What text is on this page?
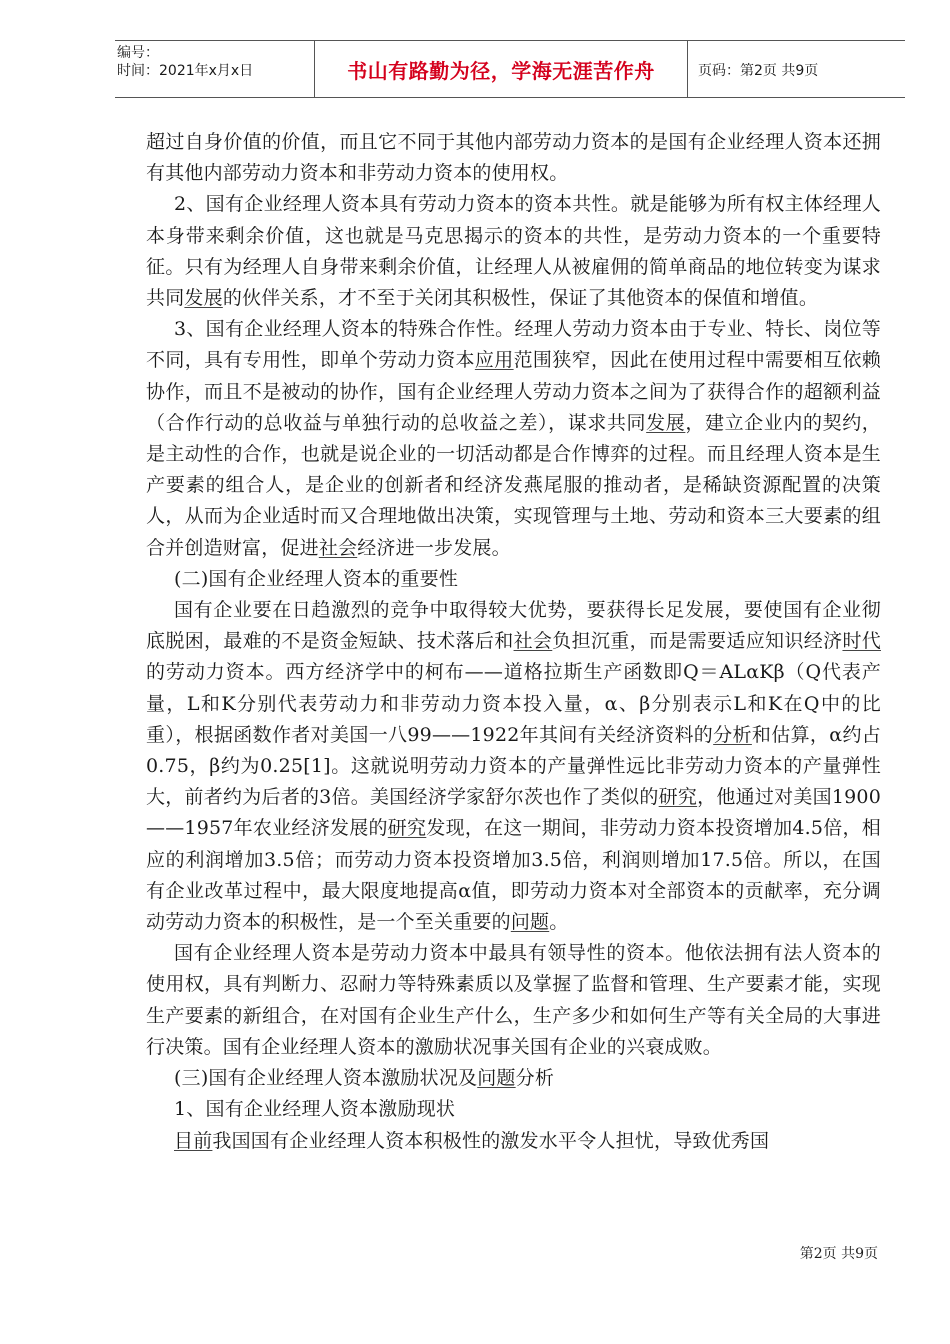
编号：
时间：2021年x月x日	书山有路勤为径，学海无涯苦作舟	页码：第2页 共9页

超过自身价值的价值，而且它不同于其他内部劳动力资本的是国有企业经理人资本还拥有其他内部劳动力资本和非劳动力资本的使用权。

2、国有企业经理人资本具有劳动力资本的资本共性。就是能够为所有权主体经理人本身带来剩余价值，这也就是马克思揭示的资本的共性，是劳动力资本的一个重要特征。只有为经理人自身带来剩余价值，让经理人从被雇佣的简单商品的地位转变为谋求共同发展的伙伴关系，才不至于关闭其积极性，保证了其他资本的保值和增值。

3、国有企业经理人资本的特殊合作性。经理人劳动力资本由于专业、特长、岗位等不同，具有专用性，即单个劳动力资本应用范围狭窄，因此在使用过程中需要相互依赖协作，而且不是被动的协作，国有企业经理人劳动力资本之间为了获得合作的超额利益（合作行动的总收益与单独行动的总收益之差），谋求共同发展，建立企业内的契约，是主动性的合作，也就是说企业的一切活动都是合作博弈的过程。而且经理人资本是生产要素的组合人，是企业的创新者和经济发燕尾服的推动者，是稀缺资源配置的决策人，从而为企业适时而又合理地做出决策，实现管理与土地、劳动和资本三大要素的组合并创造财富，促进社会经济进一步发展。

(二)国有企业经理人资本的重要性

国有企业要在日趋激烈的竞争中取得较大优势，要获得长足发展，要使国有企业彻底脱困，最难的不是资金短缺、技术落后和社会负担沉重，而是需要适应知识经济时代的劳动力资本。西方经济学中的柯布——道格拉斯生产函数即Q＝ALαKβ（Q代表产量，L和K分别代表劳动力和非劳动力资本投入量，α、β分别表示L和K在Q中的比重），根据函数作者对美国一八99——1922年其间有关经济资料的分析和估算，α约占0.75，β约为0.25[1]。这就说明劳动力资本的产量弹性远比非劳动力资本的产量弹性大，前者约为后者的3倍。美国经济学家舒尔茨也作了类似的研究，他通过对美国1900——1957年农业经济发展的研究发现，在这一期间，非劳动力资本投资增加4.5倍，相应的利润增加3.5倍；而劳动力资本投资增加3.5倍，利润则增加17.5倍。所以，在国有企业改革过程中，最大限度地提高α值，即劳动力资本对全部资本的贡献率，充分调动劳动力资本的积极性，是一个至关重要的问题。

国有企业经理人资本是劳动力资本中最具有领导性的资本。他依法拥有法人资本的使用权，具有判断力、忍耐力等特殊素质以及掌握了监督和管理、生产要素才能，实现生产要素的新组合，在对国有企业生产什么，生产多少和如何生产等有关全局的大事进行决策。国有企业经理人资本的激励状况事关国有企业的兴衰成败。

(三)国有企业经理人资本激励状况及问题分析

1、国有企业经理人资本激励现状

目前我国国有企业经理人资本积极性的激发水平令人担忧，导致优秀国

第2页 共9页
